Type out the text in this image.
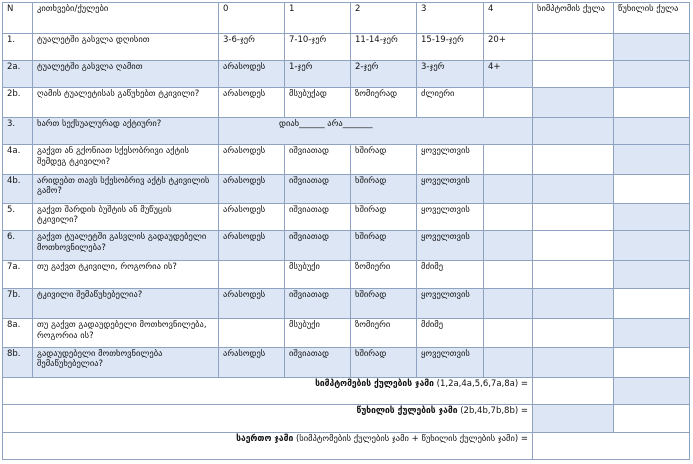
N	კითხვები/ქულები	0	1	2	3	4	სიმპტომის ქულა	წუხილის ქულა
1.	ტუალეტში გასვლა დღისით	3-6-ჯერ	7-10-ჯერ	11-14-ჯერ	15-19-ჯერ	20+		
2a.	ტუალეტში გასვლა ღამით	არასოდეს	1-ჯერ	2-ჯერ	3-ჯერ	4+		
2b.	ღამის ტუალეტისას გაწუხებთ ტკივილი?	არასოდეს	მსუბუქად	ზომიერად	ძლიერი			
3.	ხართ სექსუალურად აქტიური?	დიახ______ არა_______						
4a.	გაქვთ ან გქონიათ სქესობრივი აქტის შემდეგ ტკივილი?	არასოდეს	იშვიათად	ხშირად	ყოველთვის			
4b.	არიდებთ თავს სქესობრივ აქტს ტკივილის გამო?	არასოდეს	იშვიათად	ხშირად	ყოველთვის			
5.	გაქვთ შარდის ბუშტის ან მუწუცის ტკივილი?	არასოდეს	იშვიათად	ხშირად	ყოველთვის			
6.	გაქვთ ტუალეტში გასვლის გადაუდებელი მოთხოვნილება?	არასოდეს	იშვიათად	ხშირად	ყოველთვის			
7a.	თუ გაქვთ ტკივილი, როგორია ის?		მსუბუქი	ზომიერი	მძიმე			
7b.	ტკივილი შემაწუხებელია?	არასოდეს	იშვიათად	ხშირად	ყოველთვის			
8a.	თუ გაქვთ გადაუდებელი მოთხოვნილება, როგორია ის?		მსუბუქი	ზომიერი	მძიმე			
8b.	გადაუდებელი მოთხოვნილება შემაწუხებელია?	არასოდეს	იშვიათად	ხშირად	ყოველთვის			
სიმპტომების ქულების ჯამი (1,2a,4a,5,6,7a,8a) =								
წუხილის ქულების ჯამი (2b,4b,7b,8b) =								
საერთო ჯამი (სიმპტომების ქულების ჯამი + წუხილის ქულების ჯამი) =								
